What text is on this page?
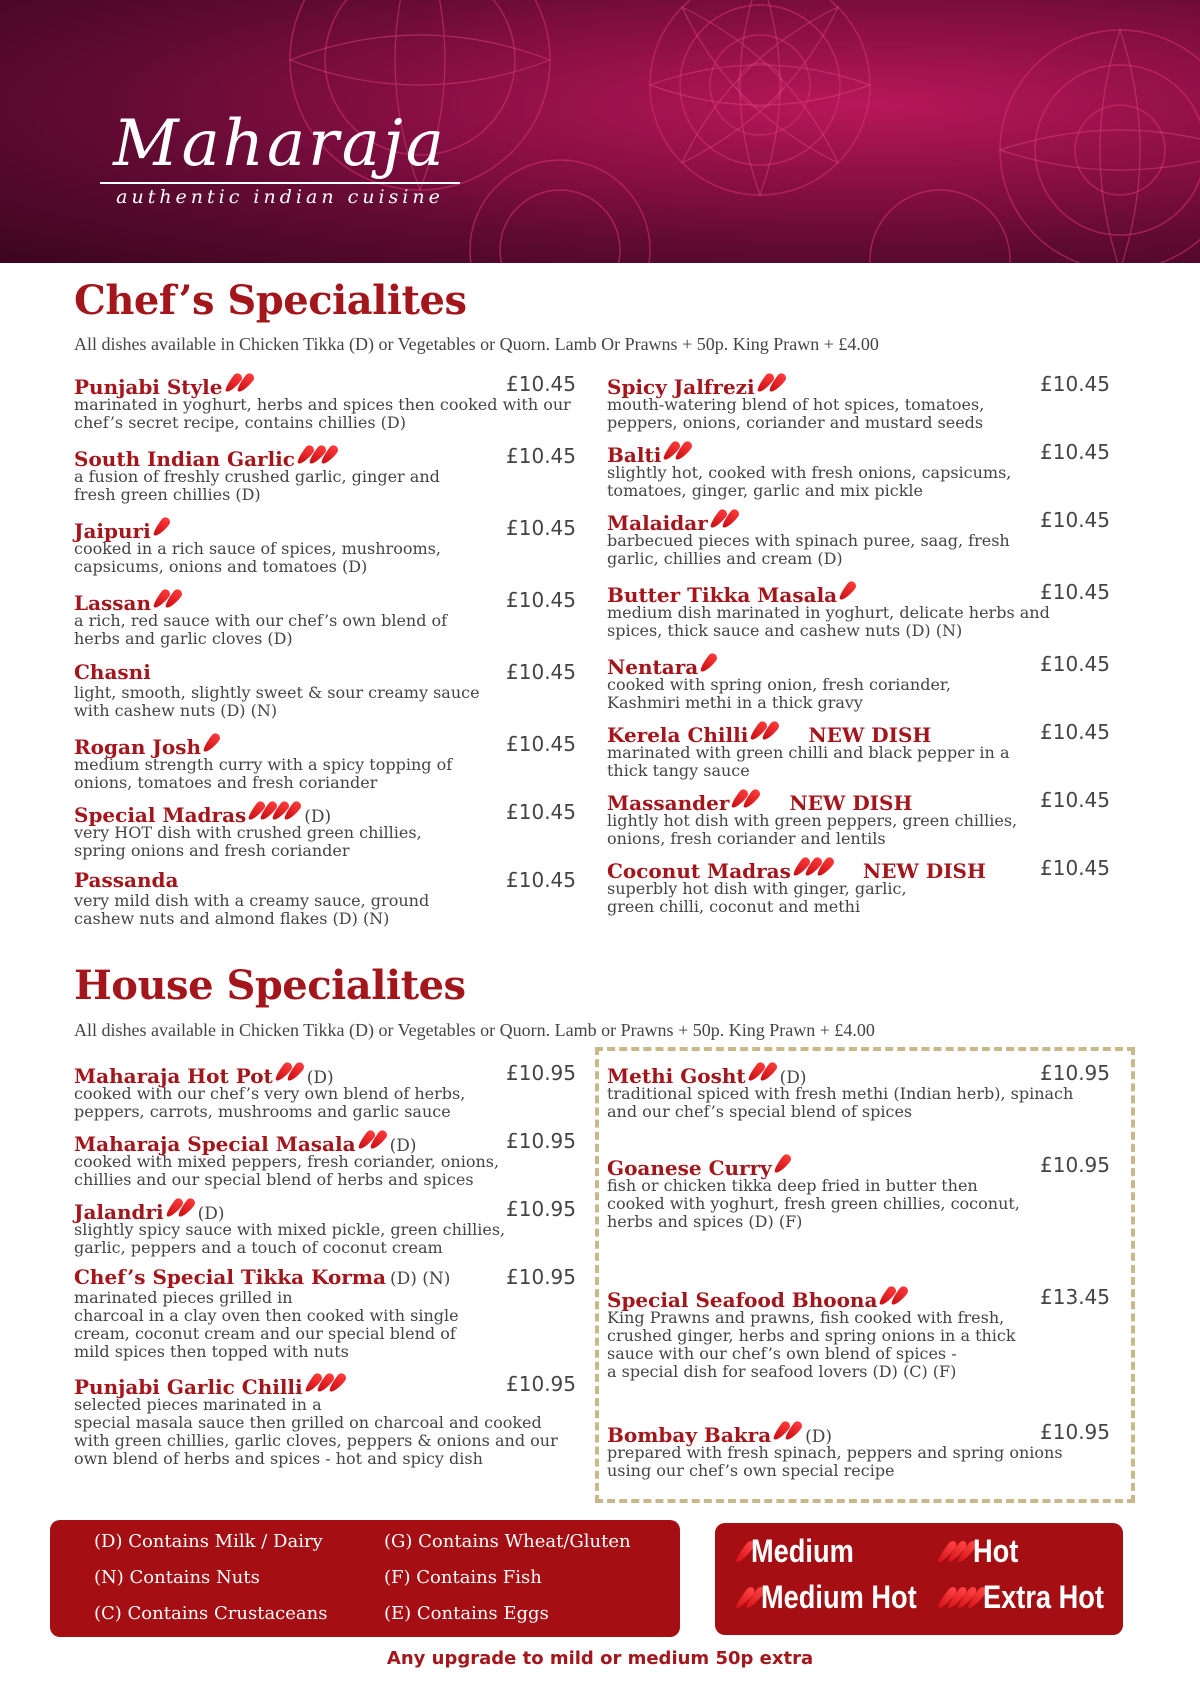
Maharaja
authentic indian cuisine
Chef’s Specialites
All dishes available in Chicken Tikka (D) or Vegetables or Quorn. Lamb Or Prawns + 50p. King Prawn + £4.00
Punjabi Style	£10.45
marinated in yoghurt, herbs and spices then cooked with our
chef’s secret recipe, contains chillies (D)
South Indian Garlic	£10.45
a fusion of freshly crushed garlic, ginger and
fresh green chillies (D)
Jaipuri	£10.45
cooked in a rich sauce of spices, mushrooms,
capsicums, onions and tomatoes (D)
Lassan	£10.45
a rich, red sauce with our chef’s own blend of
herbs and garlic cloves (D)
Chasni	£10.45
light, smooth, slightly sweet & sour creamy sauce
with cashew nuts (D) (N)
Rogan Josh	£10.45
medium strength curry with a spicy topping of
onions, tomatoes and fresh coriander
Special Madras	(D)	£10.45
very HOT dish with crushed green chillies,
spring onions and fresh coriander
Passanda	£10.45
very mild dish with a creamy sauce, ground
cashew nuts and almond flakes (D) (N)
Spicy Jalfrezi	£10.45
mouth-watering blend of hot spices, tomatoes,
peppers, onions, coriander and mustard seeds
Balti	£10.45
slightly hot, cooked with fresh onions, capsicums,
tomatoes, ginger, garlic and mix pickle
Malaidar	£10.45
barbecued pieces with spinach puree, saag, fresh
garlic, chillies and cream (D)
Butter Tikka Masala	£10.45
medium dish marinated in yoghurt, delicate herbs and
spices, thick sauce and cashew nuts (D) (N)
Nentara	£10.45
cooked with spring onion, fresh coriander,
Kashmiri methi in a thick gravy
Kerela Chilli	NEW DISH	£10.45
marinated with green chilli and black pepper in a
thick tangy sauce
Massander	NEW DISH	£10.45
lightly hot dish with green peppers, green chillies,
onions, fresh coriander and lentils
Coconut Madras	NEW DISH	£10.45
superbly hot dish with ginger, garlic,
green chilli, coconut and methi
House Specialites
All dishes available in Chicken Tikka (D) or Vegetables or Quorn. Lamb or Prawns + 50p. King Prawn + £4.00
Maharaja Hot Pot (D)	£10.95
cooked with our chef’s very own blend of herbs,
peppers, carrots, mushrooms and garlic sauce
Maharaja Special Masala (D)	£10.95
cooked with mixed peppers, fresh coriander, onions,
chillies and our special blend of herbs and spices
Jalandri (D)	£10.95
slightly spicy sauce with mixed pickle, green chillies,
garlic, peppers and a touch of coconut cream
Chef’s Special Tikka Korma (D) (N)	£10.95
marinated pieces grilled in
charcoal in a clay oven then cooked with single
cream, coconut cream and our special blend of
mild spices then topped with nuts
Punjabi Garlic Chilli	£10.95
selected pieces marinated in a
special masala sauce then grilled on charcoal and cooked
with green chillies, garlic cloves, peppers & onions and our
own blend of herbs and spices - hot and spicy dish
Methi Gosht (D)	£10.95
traditional spiced with fresh methi (Indian herb), spinach
and our chef’s special blend of spices
Goanese Curry	£10.95
fish or chicken tikka deep fried in butter then
cooked with yoghurt, fresh green chillies, coconut,
herbs and spices (D) (F)
Special Seafood Bhoona	£13.45
King Prawns and prawns, fish cooked with fresh,
crushed ginger, herbs and spring onions in a thick
sauce with our chef’s own blend of spices -
a special dish for seafood lovers (D) (C) (F)
Bombay Bakra (D)	£10.95
prepared with fresh spinach, peppers and spring onions
using our chef’s own special recipe
(D) Contains Milk / Dairy	(G) Contains Wheat/Gluten
(N) Contains Nuts	(F) Contains Fish
(C) Contains Crustaceans	(E) Contains Eggs
Medium	Hot
Medium Hot Extra Hot
Any upgrade to mild or medium 50p extra
